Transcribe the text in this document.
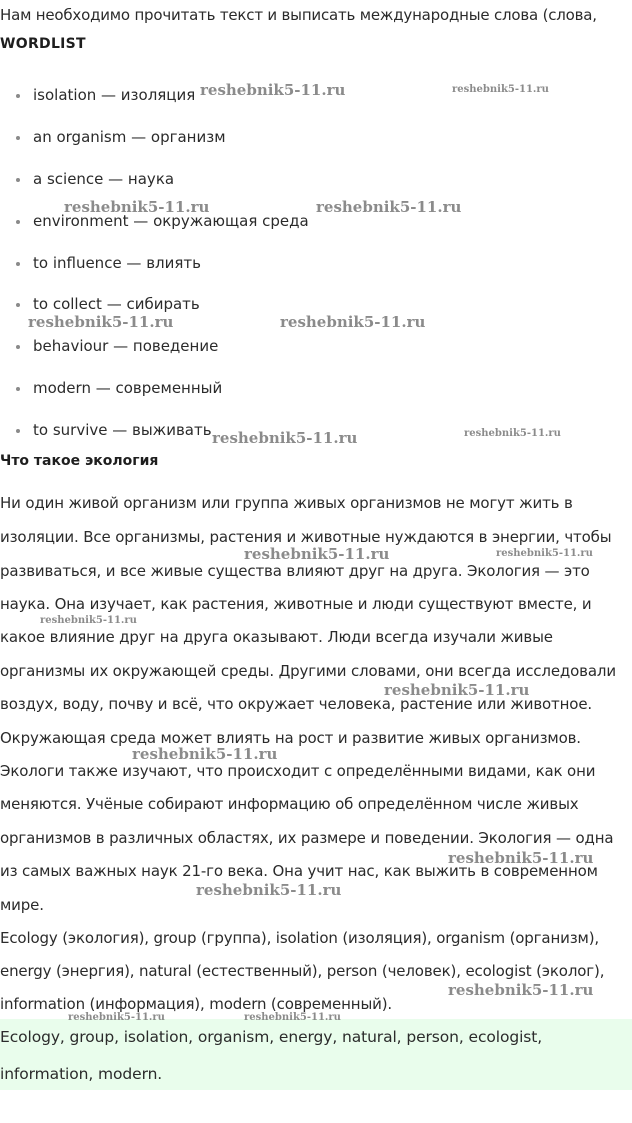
Нам необходимо прочитать текст и выписать международные слова (слова,
WORDLIST
isolation — изоляция
an organism — организм
a science — наука
environment — окружающая среда
to influence — влиять
to collect — сибирать
behaviour — поведение
modern — современный
to survive — выживать
Что такое экология
Ни один живой организм или группа живых организмов не могут жить в
изоляции. Все организмы, растения и животные нуждаются в энергии, чтобы
развиваться, и все живые существа влияют друг на друга. Экология — это
наука. Она изучает, как растения, животные и люди существуют вместе, и
какое влияние друг на друга оказывают. Люди всегда изучали живые
организмы их окружающей среды. Другими словами, они всегда исследовали
воздух, воду, почву и всё, что окружает человека, растение или животное.
Окружающая среда может влиять на рост и развитие живых организмов.
Экологи также изучают, что происходит с определёнными видами, как они
меняются. Учёные собирают информацию об определённом числе живых
организмов в различных областях, их размере и поведении. Экология — одна
из самых важных наук 21-го века. Она учит нас, как выжить в современном
мире.
Ecology (экология), group (группа), isolation (изоляция), organism (организм),
energy (энергия), natural (естественный), person (человек), ecologist (эколог),
information (информация), modern (современный).
Ecology, group, isolation, organism, energy, natural, person, ecologist,
information, modern.
reshebnik5-11.ru	reshebnik5-11.ru
reshebnik5-11.ru	reshebnik5-11.ru
reshebnik5-11.ru	reshebnik5-11.ru
reshebnik5-11.ru	reshebnik5-11.ru
reshebnik5-11.ru	reshebnik5-11.ru
reshebnik5-11.ru
reshebnik5-11.ru
reshebnik5-11.ru
reshebnik5-11.ru
reshebnik5-11.ru
reshebnik5-11.ru
reshebnik5-11.ru	reshebnik5-11.ru
